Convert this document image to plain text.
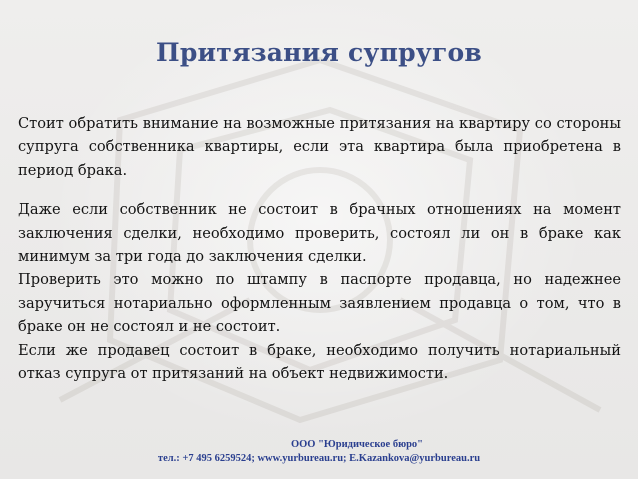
Притязания супругов

Стоит обратить внимание на возможные притязания на квартиру со стороны супруга собственника квартиры, если эта квартира была приобретена в период брака.

Даже если собственник не состоит в брачных отношениях на момент заключения сделки, необходимо проверить, состоял ли он в браке как минимум за три года до заключения сделки.

Проверить это можно по штампу в паспорте продавца, но надежнее заручиться нотариально оформленным заявлением продавца о том, что в браке он не состоял и не состоит.

Если же продавец состоит в браке, необходимо получить нотариальный отказ супруга от притязаний на объект недвижимости.

ООО "Юридическое бюро"
тел.: +7 495 6259524; www.yurbureau.ru; E.Kazankova@yurbureau.ru
